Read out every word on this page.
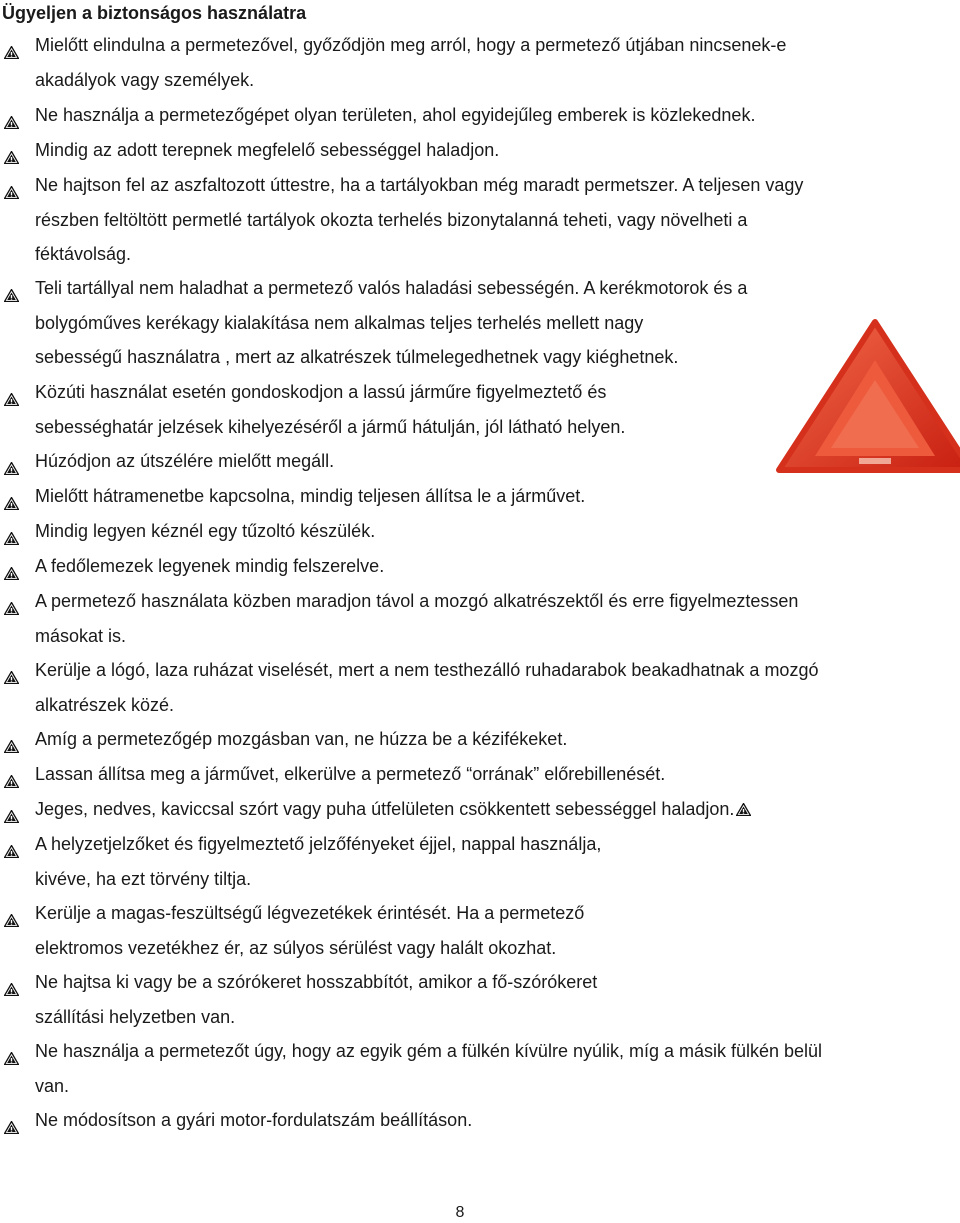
Ügyeljen a biztonságos használatra
Mielőtt elindulna a permetezővel, győződjön meg arról, hogy a permetező útjában nincsenek-e
akadályok vagy személyek.
Ne használja a permetezőgépet olyan területen, ahol egyidejűleg emberek is közlekednek.
Mindig az adott terepnek megfelelő sebességgel haladjon.
Ne hajtson fel az aszfaltozott úttestre, ha a tartályokban még maradt permetszer. A teljesen vagy
részben feltöltött permetlé tartályok okozta terhelés bizonytalanná teheti, vagy növelheti a
féktávolság.
Teli tartállyal nem haladhat a permetező valós haladási sebességén. A kerékmotorok és a
bolygóműves kerékagy kialakítása nem alkalmas teljes terhelés mellett nagy
sebességű használatra , mert az alkatrészek túlmelegedhetnek vagy kiéghetnek.
Közúti használat esetén gondoskodjon a lassú járműre figyelmeztető és
sebességhatár jelzések kihelyezéséről a jármű hátulján, jól látható helyen.
Húzódjon az útszélére mielőtt megáll.
Mielőtt hátramenetbe kapcsolna, mindig teljesen állítsa le a járművet.
Mindig legyen kéznél egy tűzoltó készülék.
A fedőlemezek legyenek mindig felszerelve.
A permetező használata közben maradjon távol a mozgó alkatrészektől és erre figyelmeztessen
másokat is.
Kerülje a lógó, laza ruházat viselését, mert a nem testhezálló ruhadarabok beakadhatnak a mozgó
alkatrészek közé.
Amíg a permetezőgép mozgásban van, ne húzza be a kézifékeket.
Lassan állítsa meg a járművet, elkerülve a permetező “orrának” előrebillenését.
Jeges, nedves, kaviccsal szórt vagy puha útfelületen csökkentett sebességgel haladjon.
A helyzetjelzőket és figyelmeztető jelzőfényeket éjjel, nappal használja,
kivéve, ha ezt törvény tiltja.
Kerülje a magas-feszültségű légvezetékek érintését. Ha a permetező
elektromos vezetékhez ér, az súlyos sérülést vagy halált okozhat.
Ne hajtsa ki vagy be a szórókeret hosszabbítót, amikor a fő-szórókeret
szállítási helyzetben van.
Ne használja a permetezőt úgy, hogy az egyik gém a fülkén kívülre nyúlik, míg a másik fülkén belül
van.
Ne módosítson a gyári motor-fordulatszám beállításon.
8
